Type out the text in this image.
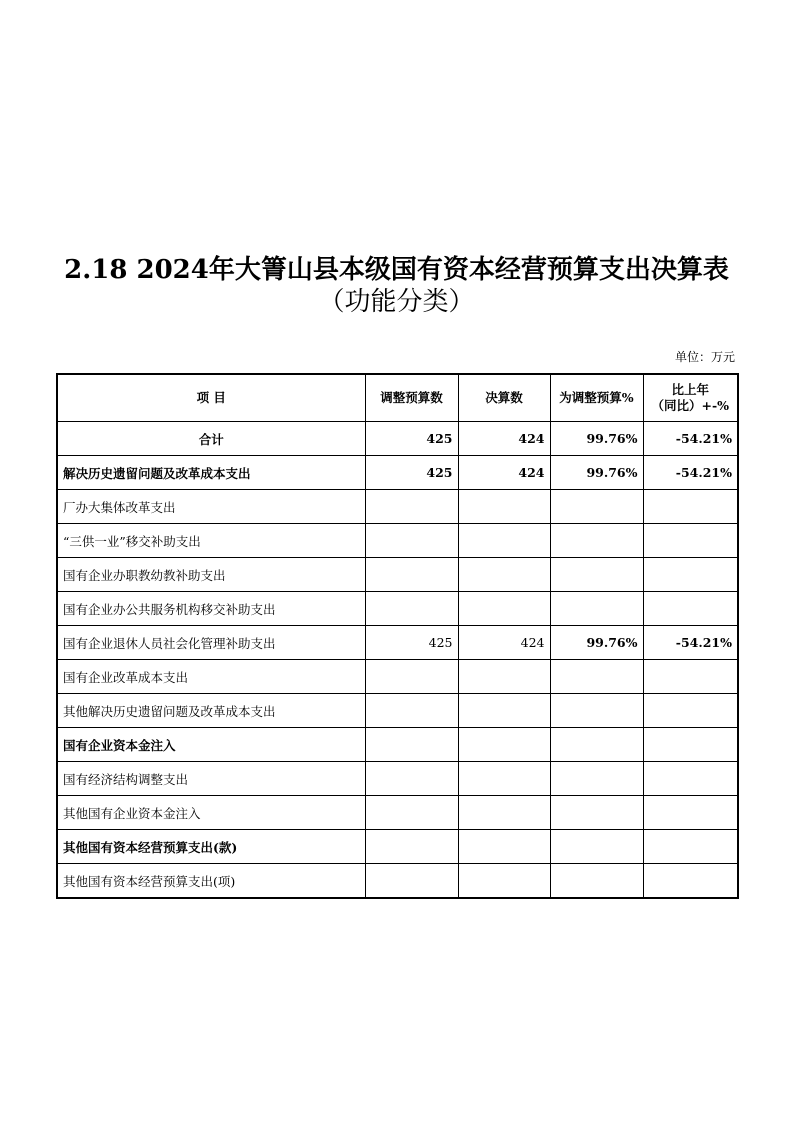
2.18 2024年大箐山县本级国有资本经营预算支出决算表
（功能分类）
单位：万元
项 目	调整预算数	决算数	为调整预算%	比上年
（同比）+-%

合计	425	424	99.76%	-54.21%
解决历史遗留问题及改革成本支出	425	424	99.76%	-54.21%
厂办大集体改革支出				
“三供一业”移交补助支出				
国有企业办职教幼教补助支出				
国有企业办公共服务机构移交补助支出				
国有企业退休人员社会化管理补助支出	425	424	99.76%	-54.21%
国有企业改革成本支出				
其他解决历史遗留问题及改革成本支出				
国有企业资本金注入				
国有经济结构调整支出				
其他国有企业资本金注入				
其他国有资本经营预算支出(款)				
其他国有资本经营预算支出(项)				
